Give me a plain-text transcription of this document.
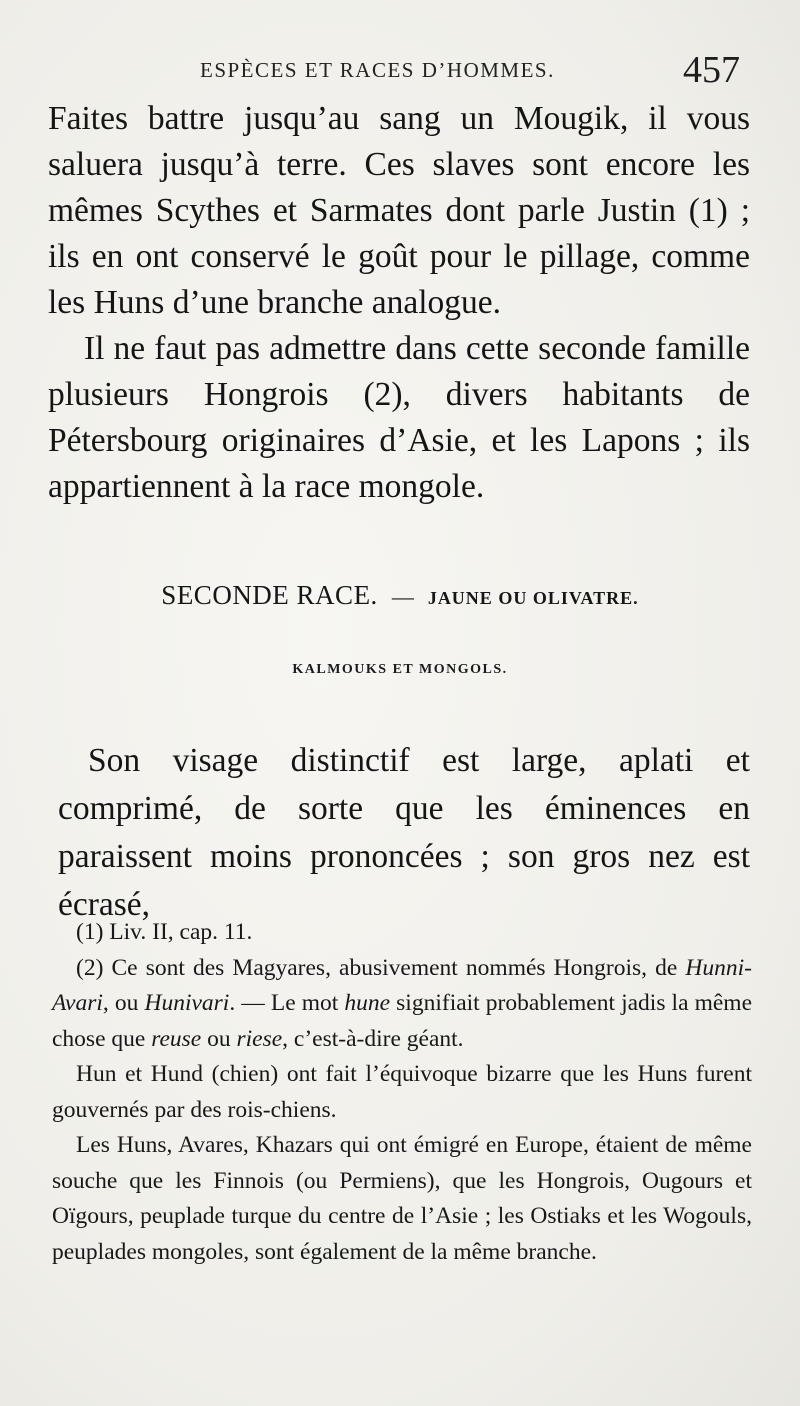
ESPÈCES ET RACES D’HOMMES.	457

Faites battre jusqu’au sang un Mougik, il vous saluera jusqu’à terre. Ces slaves sont encore les mêmes Scythes et Sarmates dont parle Justin (1) ; ils en ont conservé le goût pour le pillage, comme les Huns d’une branche analogue.

Il ne faut pas admettre dans cette seconde famille plusieurs Hongrois (2), divers habitants de Pétersbourg originaires d’Asie, et les Lapons ; ils appartiennent à la race mongole.

SECONDE RACE. — JAUNE OU OLIVATRE.
KALMOUKS ET MONGOLS.

Son visage distinctif est large, aplati et comprimé, de sorte que les éminences en paraissent moins prononcées ; son gros nez est écrasé,

(1) Liv. II, cap. 11.

(2) Ce sont des Magyares, abusivement nommés Hongrois, de Hunni-Avari, ou Hunivari. — Le mot hune signifiait probablement jadis la même chose que reuse ou riese, c’est-à-dire géant.

Hun et Hund (chien) ont fait l’équivoque bizarre que les Huns furent gouvernés par des rois-chiens.

Les Huns, Avares, Khazars qui ont émigré en Europe, étaient de même souche que les Finnois (ou Permiens), que les Hongrois, Ougours et Oïgours, peuplade turque du centre de l’Asie ; les Ostiaks et les Wogouls, peuplades mongoles, sont également de la même branche.
